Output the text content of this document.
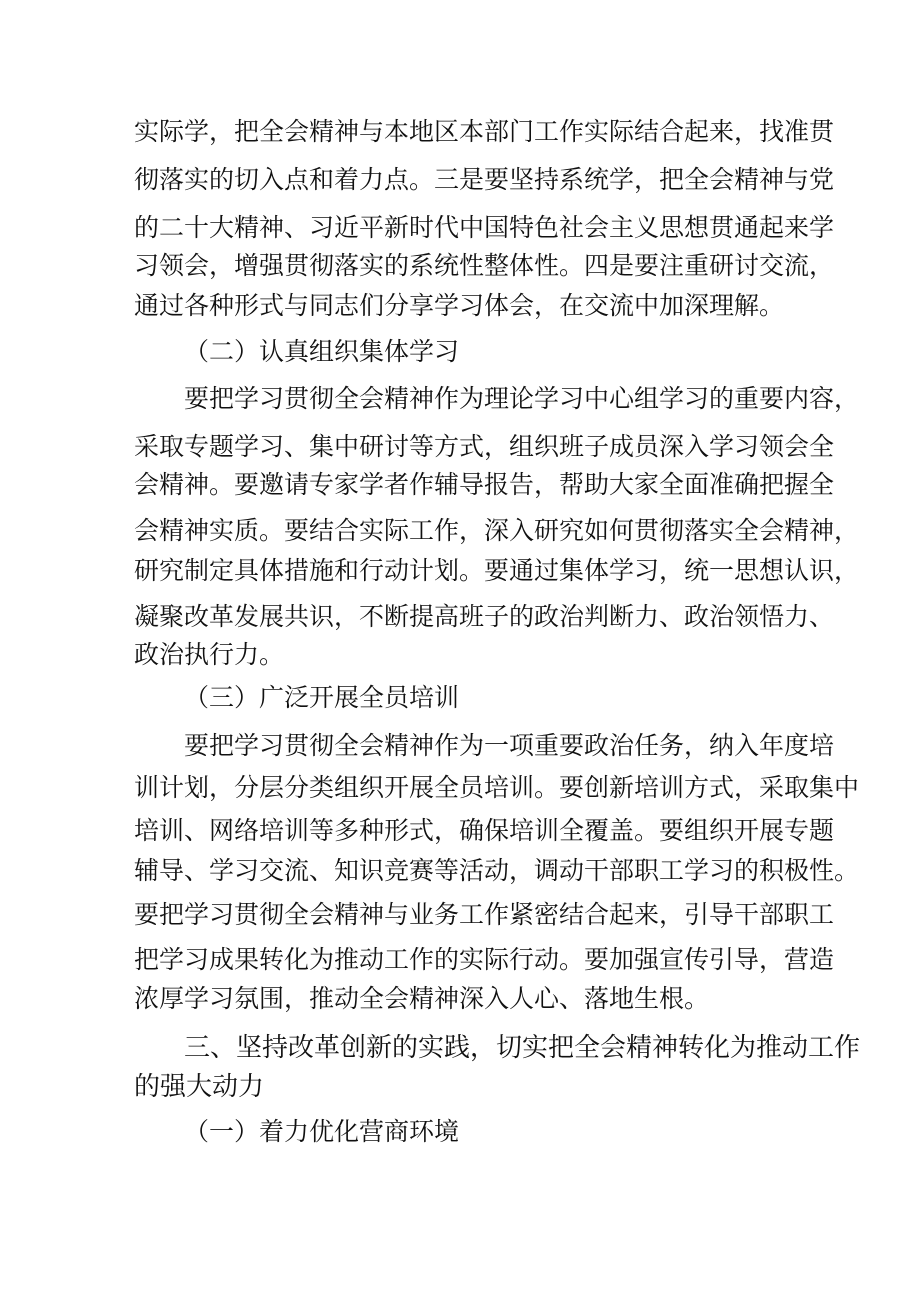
实际学，把全会精神与本地区本部门工作实际结合起来，找准贯
彻落实的切入点和着力点。三是要坚持系统学，把全会精神与党
的二十大精神、习近平新时代中国特色社会主义思想贯通起来学
习领会，增强贯彻落实的系统性整体性。四是要注重研讨交流，
通过各种形式与同志们分享学习体会，在交流中加深理解。
（二）认真组织集体学习
要把学习贯彻全会精神作为理论学习中心组学习的重要内容，
采取专题学习、集中研讨等方式，组织班子成员深入学习领会全
会精神。要邀请专家学者作辅导报告，帮助大家全面准确把握全
会精神实质。要结合实际工作，深入研究如何贯彻落实全会精神，
研究制定具体措施和行动计划。要通过集体学习，统一思想认识，
凝聚改革发展共识，不断提高班子的政治判断力、政治领悟力、
政治执行力。
（三）广泛开展全员培训
要把学习贯彻全会精神作为一项重要政治任务，纳入年度培
训计划，分层分类组织开展全员培训。要创新培训方式，采取集中
培训、网络培训等多种形式，确保培训全覆盖。要组织开展专题
辅导、学习交流、知识竞赛等活动，调动干部职工学习的积极性。
要把学习贯彻全会精神与业务工作紧密结合起来，引导干部职工
把学习成果转化为推动工作的实际行动。要加强宣传引导，营造
浓厚学习氛围，推动全会精神深入人心、落地生根。
三、坚持改革创新的实践，切实把全会精神转化为推动工作
的强大动力
（一）着力优化营商环境
